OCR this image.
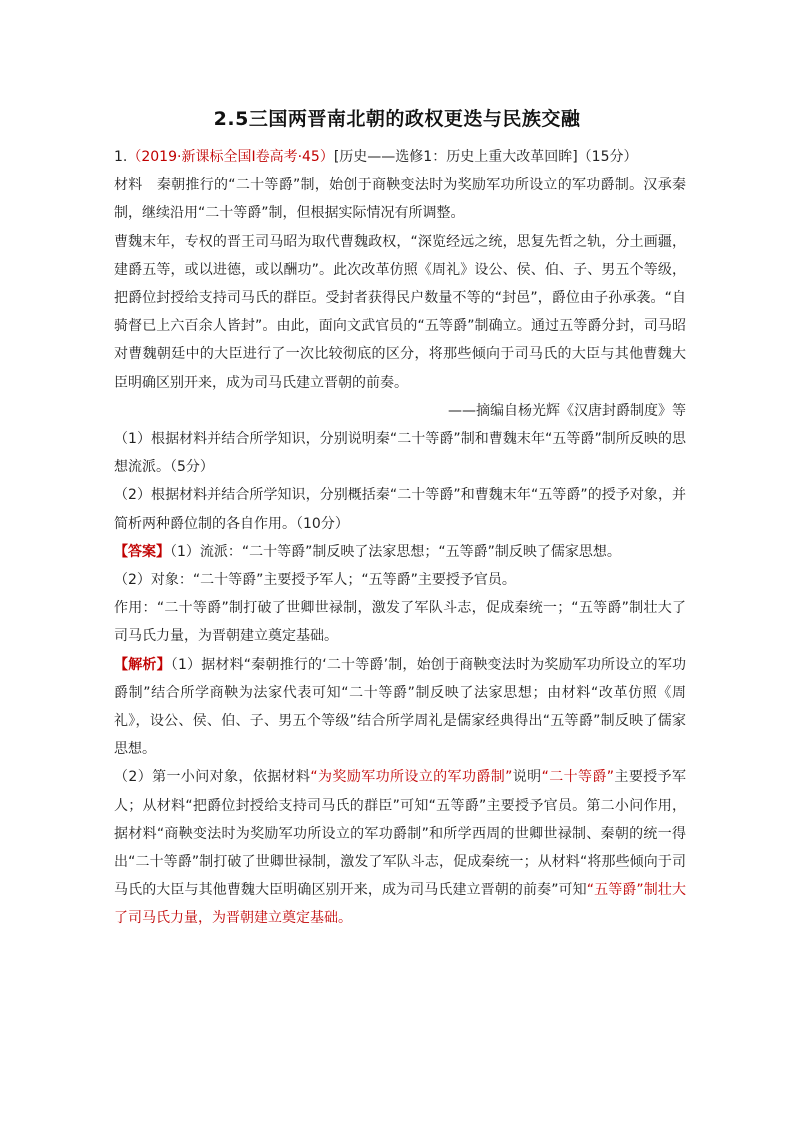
2.5三国两晋南北朝的政权更迭与民族交融

1.（2019·新课标全国Ⅰ卷高考·45）[历史——选修1：历史上重大改革回眸]（15分）

材料　秦朝推行的“二十等爵”制，始创于商鞅变法时为奖励军功所设立的军功爵制。汉承秦制，继续沿用“二十等爵”制，但根据实际情况有所调整。

曹魏末年，专权的晋王司马昭为取代曹魏政权，“深览经远之统，思复先哲之轨，分土画疆，建爵五等，或以进德，或以酬功”。此次改革仿照《周礼》设公、侯、伯、子、男五个等级，把爵位封授给支持司马氏的群臣。受封者获得民户数量不等的“封邑”，爵位由子孙承袭。“自骑督已上六百余人皆封”。由此，面向文武官员的“五等爵”制确立。通过五等爵分封，司马昭对曹魏朝廷中的大臣进行了一次比较彻底的区分，将那些倾向于司马氏的大臣与其他曹魏大臣明确区别开来，成为司马氏建立晋朝的前奏。

——摘编自杨光辉《汉唐封爵制度》等

（1）根据材料并结合所学知识，分别说明秦“二十等爵”制和曹魏末年“五等爵”制所反映的思想流派。（5分）

（2）根据材料并结合所学知识，分别概括秦“二十等爵”和曹魏末年“五等爵”的授予对象，并简析两种爵位制的各自作用。（10分）

【答案】（1）流派：“二十等爵”制反映了法家思想；“五等爵”制反映了儒家思想。

（2）对象：“二十等爵”主要授予军人；“五等爵”主要授予官员。

作用：“二十等爵”制打破了世卿世禄制，激发了军队斗志，促成秦统一；“五等爵”制壮大了司马氏力量，为晋朝建立奠定基础。

【解析】（1）据材料“秦朝推行的‘二十等爵’制，始创于商鞅变法时为奖励军功所设立的军功爵制”结合所学商鞅为法家代表可知“二十等爵”制反映了法家思想；由材料“改革仿照《周礼》，设公、侯、伯、子、男五个等级”结合所学周礼是儒家经典得出“五等爵”制反映了儒家思想。

（2）第一小问对象，依据材料“为奖励军功所设立的军功爵制”说明“二十等爵”主要授予军人；从材料“把爵位封授给支持司马氏的群臣”可知“五等爵”主要授予官员。第二小问作用，据材料“商鞅变法时为奖励军功所设立的军功爵制”和所学西周的世卿世禄制、秦朝的统一得出“二十等爵”制打破了世卿世禄制，激发了军队斗志，促成秦统一；从材料“将那些倾向于司马氏的大臣与其他曹魏大臣明确区别开来，成为司马氏建立晋朝的前奏”可知“五等爵”制壮大了司马氏力量，为晋朝建立奠定基础。
